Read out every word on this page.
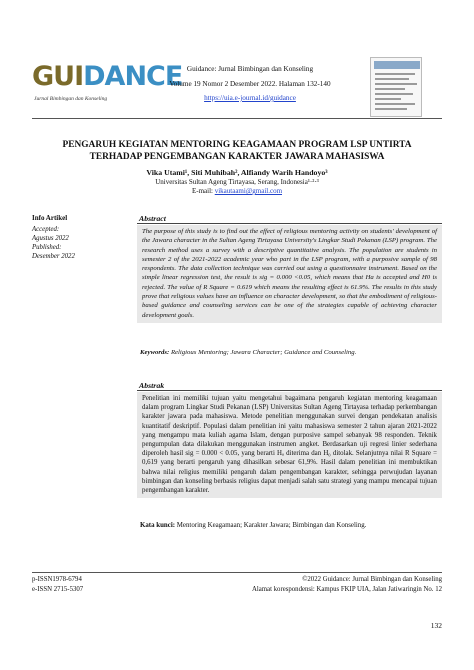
GUIDANCE
Jurnal Bimbingan dan Konseling
Guidance: Jurnal Bimbingan dan Konseling
Volume 19 Nomor 2 Desember 2022. Halaman 132-140
https://uia.e-journal.id/guidance
PENGARUH KEGIATAN MENTORING KEAGAMAAN PROGRAM LSP UNTIRTA
TERHADAP PENGEMBANGAN KARAKTER JAWARA MAHASISWA
Vika Utami¹, Siti Muhibah², Alfiandy Warih Handoyo³
Universitas Sultan Ageng Tirtayasa, Serang, Indonesia¹·²·³
E-mail: vikautaami@gmail.com
Info Artikel
Accepted:
Agustus 2022
Published:
Desember 2022
Abstract
The purpose of this study is to find out the effect of religious mentoring activity on students' development of the Jawara character in the Sultan Ageng Tirtayasa University's Lingkar Studi Pekanan (LSP) program. The research method uses a survey with a descriptive quantitative analysis. The population are students in semester 2 of the 2021-2022 academic year who part in the LSP program, with a purposive sample of 98 respondents. The data collection technique was carried out using a questionnaire instrument. Based on the simple linear regression test, the result is sig = 0.000 <0.05, which means that Ha is accepted and H0 is rejected. The value of R Square = 0.619 which means the resulting effect is 61.9%. The results in this study prove that religious values have an influence on character development, so that the embodiment of religious-based guidance and counseling services can be one of the strategies capable of achieving character development goals.
Keywords: Religious Mentoring; Jawara Character; Guidance and Counseling.
Abstrak
Penelitian ini memiliki tujuan yaitu mengetahui bagaimana pengaruh kegiatan mentoring keagamaan dalam program Lingkar Studi Pekanan (LSP) Universitas Sultan Ageng Tirtayasa terhadap perkembangan karakter jawara pada mahasiswa. Metode penelitian menggunakan survei dengan pendekatan analisis kuantitatif deskriptif. Populasi dalam penelitian ini yaitu mahasiswa semester 2 tahun ajaran 2021-2022 yang mengampu mata kuliah agama Islam, dengan purposive sampel sebanyak 98 responden. Teknik pengumpulan data dilakukan menggunakan instrumen angket. Berdasarkan uji regresi linier sederhana diperoleh hasil sig = 0.000 < 0.05, yang berarti Hₐ diterima dan H₀ ditolak. Selanjutnya nilai R Square = 0,619 yang berarti pengaruh yang dihasilkan sebesar 61,9%. Hasil dalam penelitian ini membuktikan bahwa nilai religius memiliki pengaruh dalam pengembangan karakter, sehingga perwujudan layanan bimbingan dan konseling berbasis religius dapat menjadi salah satu strategi yang mampu mencapai tujuan pengembangan karakter.
Kata kunci: Mentoring Keagamaan; Karakter Jawara; Bimbingan dan Konseling.
p-ISSN1978-6794
e-ISSN 2715-5307
©2022 Guidance: Jurnal Bimbingan dan Konseling
Alamat korespondensi: Kampus FKIP UIA, Jalan Jatiwaringin No. 12
132
